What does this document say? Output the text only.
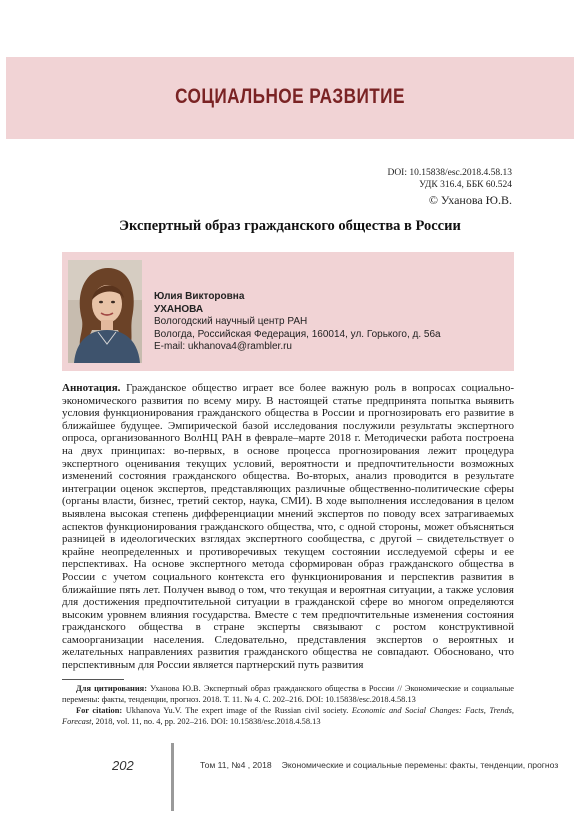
СОЦИАЛЬНОЕ РАЗВИТИЕ
DOI: 10.15838/esc.2018.4.58.13
УДК 316.4, ББК 60.524
© Уханова Ю.В.
Экспертный образ гражданского общества в России
Юлия Викторовна
УХАНОВА
Вологодский научный центр РАН
Вологда, Российская Федерация, 160014, ул. Горького, д. 56а
E-mail: ukhanova4@rambler.ru
Аннотация. Гражданское общество играет все более важную роль в вопросах социально-экономического развития по всему миру. В настоящей статье предпринята попытка выявить условия функционирования гражданского общества в России и прогнозировать его развитие в ближайшее будущее. Эмпирической базой исследования послужили результаты экспертного опроса, организованного ВолНЦ РАН в феврале–марте 2018 г. Методически работа построена на двух принципах: во-первых, в основе процесса прогнозирования лежит процедура экспертного оценивания текущих условий, вероятности и предпочтительности возможных изменений состояния гражданского общества. Во-вторых, анализ проводится в результате интеграции оценок экспертов, представляющих различные общественно-политические сферы (органы власти, бизнес, третий сектор, наука, СМИ). В ходе выполнения исследования в целом выявлена высокая степень дифференциации мнений экспертов по поводу всех затрагиваемых аспектов функционирования гражданского общества, что, с одной стороны, может объясняться разницей в идеологических взглядах экспертного сообщества, с другой – свидетельствует о крайне неопределенных и противоречивых текущем состоянии исследуемой сферы и ее перспективах. На основе экспертного метода сформирован образ гражданского общества в России с учетом социального контекста его функционирования и перспектив развития в ближайшие пять лет. Получен вывод о том, что текущая и вероятная ситуации, а также условия для достижения предпочтительной ситуации в гражданской сфере во многом определяются высоким уровнем влияния государства. Вместе с тем предпочтительные изменения состояния гражданского общества в стране эксперты связывают с ростом конструктивной самоорганизации населения. Следовательно, представления экспертов о вероятных и желательных направлениях развития гражданского общества не совпадают. Обосновано, что перспективным для России является партнерский путь развития
Для цитирования: Уханова Ю.В. Экспертный образ гражданского общества в России // Экономические и социальные перемены: факты, тенденции, прогноз. 2018. Т. 11. № 4. С. 202–216. DOI: 10.15838/esc.2018.4.58.13
For citation: Ukhanova Yu.V. The expert image of the Russian civil society. Economic and Social Changes: Facts, Trends, Forecast, 2018, vol. 11, no. 4, pp. 202–216. DOI: 10.15838/esc.2018.4.58.13
202	Том 11, №4 , 2018 Экономические и социальные перемены: факты, тенденции, прогноз
